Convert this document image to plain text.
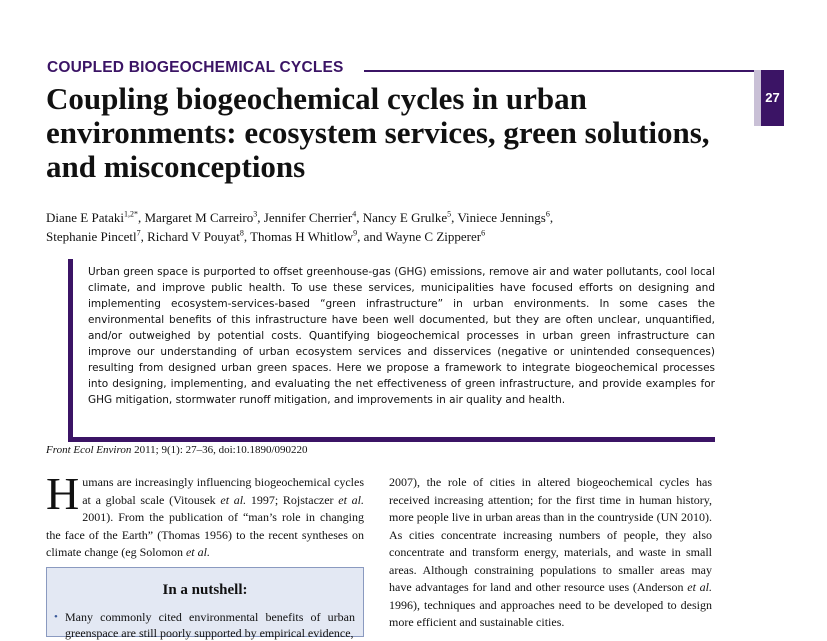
COUPLED BIOGEOCHEMICAL CYCLES
27
Coupling biogeochemical cycles in urban environments: ecosystem services, green solutions, and misconceptions
Diane E Pataki$^{1,2*}$, Margaret M Carreiro$^3$, Jennifer Cherrier$^4$, Nancy E Grulke$^5$, Viniece Jennings$^6$,
Stephanie Pincetl$^7$, Richard V Pouyat$^8$, Thomas H Whitlow$^9$, and Wayne C Zipperer$^6$

Urban green space is purported to offset greenhouse-gas (GHG) emissions, remove air and water pollutants, cool local climate, and improve public health. To use these services, municipalities have focused efforts on designing and implementing ecosystem-services-based “green infrastructure” in urban environments. In some cases the environmental benefits of this infrastructure have been well documented, but they are often unclear, unquantified, and/or outweighed by potential costs. Quantifying biogeochemical processes in urban green infrastructure can improve our understanding of urban ecosystem services and disservices (negative or unintended consequences) resulting from designed urban green spaces. Here we propose a framework to integrate biogeochemical processes into designing, implementing, and evaluating the net effectiveness of green infrastructure, and provide examples for GHG mitigation, stormwater runoff mitigation, and improvements in air quality and health.

Front Ecol Environ 2011; 9(1): 27–36, doi:10.1890/090220
Humans are increasingly influencing biogeochemical cycles at a global scale (Vitousek et al. 1997; Rojstaczer et al. 2001). From the publication of “man’s role in changing the face of the Earth” (Thomas 1956) to the recent syntheses on climate change (eg Solomon et al.
2007), the role of cities in altered biogeochemical cycles has received increasing attention; for the first time in human history, more people live in urban areas than in the countryside (UN 2010). As cities concentrate increasing numbers of people, they also concentrate and transform energy, materials, and waste in small areas. Although constraining populations to smaller areas may have advantages for land and other resource uses (Anderson et al. 1996), techniques and approaches need to be developed to design more efficient and sustainable cities.
In a nutshell:
• Many commonly cited environmental benefits of urban greenspace are still poorly supported by empirical evidence,
